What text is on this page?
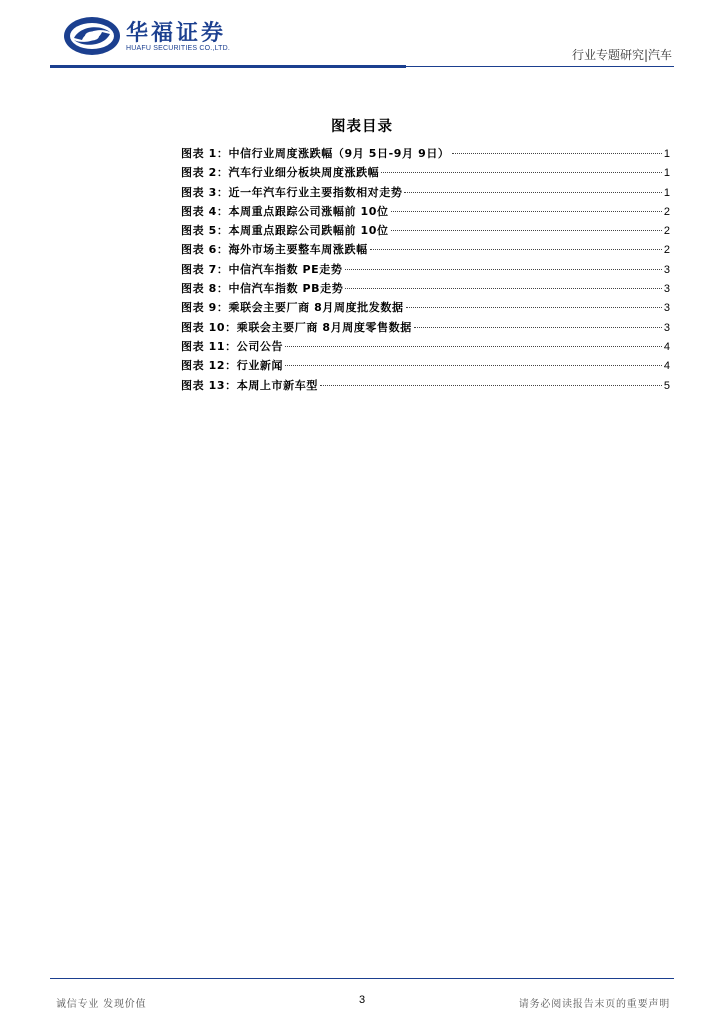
华福证券
HUAFU SECURITIES CO.,LTD.	行业专题研究|汽车
图表目录
图表 1：中信行业周度涨跌幅（9月 5日-9月 9日）	1
图表 2：汽车行业细分板块周度涨跌幅	1
图表 3：近一年汽车行业主要指数相对走势	1
图表 4：本周重点跟踪公司涨幅前 10位	2
图表 5：本周重点跟踪公司跌幅前 10位	2
图表 6：海外市场主要整车周涨跌幅	2
图表 7：中信汽车指数 PE走势	3
图表 8：中信汽车指数 PB走势	3
图表 9：乘联会主要厂商 8月周度批发数据	3
图表 10：乘联会主要厂商 8月周度零售数据	3
图表 11：公司公告	4
图表 12：行业新闻	4
图表 13：本周上市新车型	5
诚信专业 发现价值	3	请务必阅读报告末页的重要声明
